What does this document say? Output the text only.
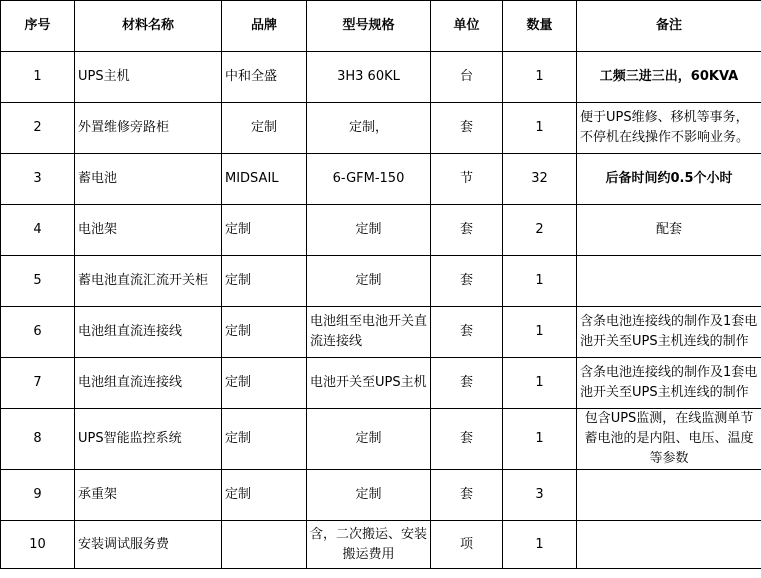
序号	材料名称	品牌	型号规格	单位	数量	备注
1	UPS主机	中和全盛	3H3 60KL	台	1	工频三进三出，60KVA
2	外置维修旁路柜	定制	定制，	套	1	便于UPS维修、移机等事务，不停机在线操作不影响业务。
3	蓄电池	MIDSAIL	6-GFM-150	节	32	后备时间约0.5个小时
4	电池架	定制	定制	套	2	配套
5	蓄电池直流汇流开关柜	定制	定制	套	1	
6	电池组直流连接线	定制	电池组至电池开关直流连接线	套	1	含条电池连接线的制作及1套电池开关至UPS主机连线的制作
7	电池组直流连接线	定制	电池开关至UPS主机	套	1	含条电池连接线的制作及1套电池开关至UPS主机连线的制作
8	UPS智能监控系统	定制	定制	套	1	包含UPS监测，在线监测单节蓄电池的是内阻、电压、温度等参数
9	承重架	定制	定制	套	3	
10	安装调试服务费		含，二次搬运、安装搬运费用	项	1	
